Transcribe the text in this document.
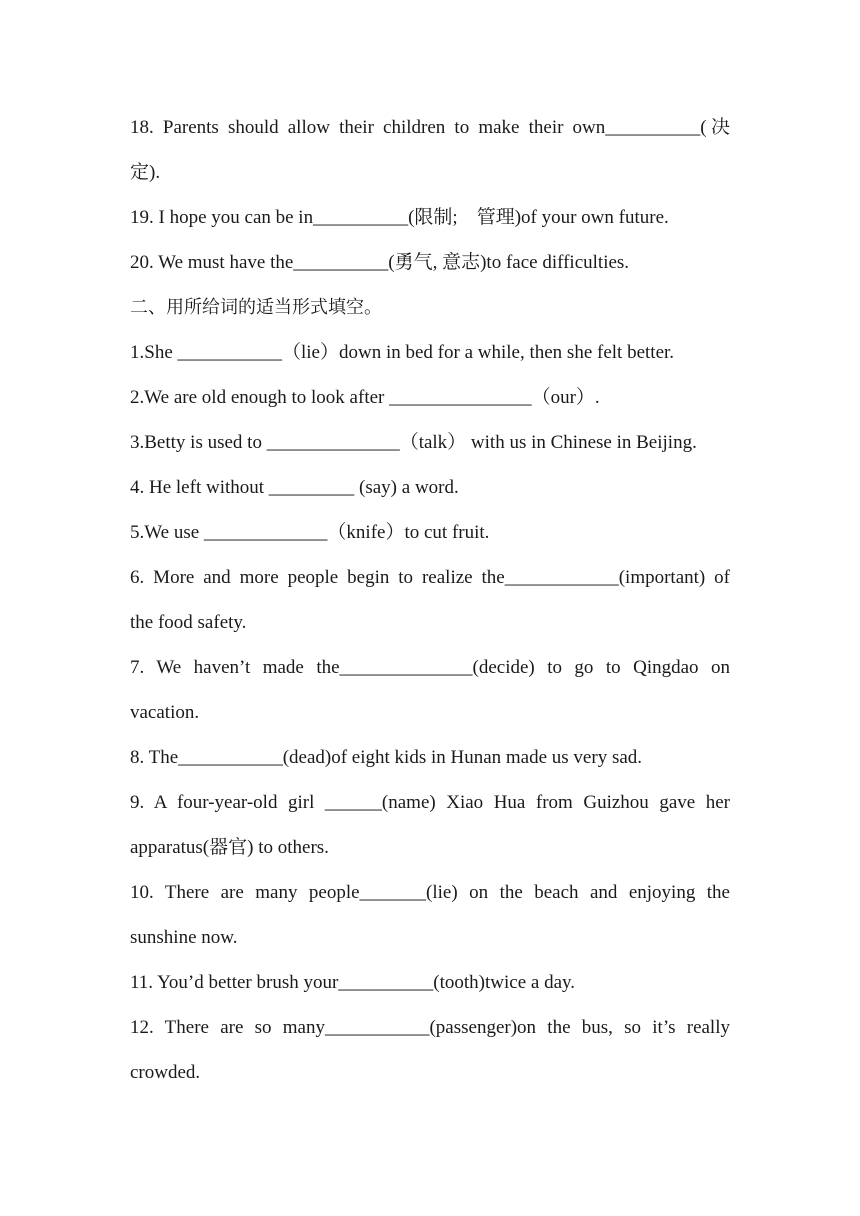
18. Parents should allow their children to make their own__________(决
定).
19. I hope you can be in__________(限制;　管理)of your own future.
20. We must have the__________(勇气, 意志)to face difficulties.
二、用所给词的适当形式填空。
1.She ___________（lie）down in bed for a while, then she felt better.
2.We are old enough to look after _______________（our）.
3.Betty is used to ______________（talk） with us in Chinese in Beijing.
4. He left without _________ (say) a word.
5.We use _____________（knife）to cut fruit.
6. More and more people begin to realize the____________(important) of
the food safety.
7. We haven’t made the______________(decide) to go to Qingdao on
vacation.
8. The___________(dead)of eight kids in Hunan made us very sad.
9. A four-year-old girl ______(name) Xiao Hua from Guizhou gave her
apparatus(器官) to others.
10. There are many people_______(lie) on the beach and enjoying the
sunshine now.
11. You’d better brush your__________(tooth)twice a day.
12. There are so many___________(passenger)on the bus, so it’s really
crowded.
